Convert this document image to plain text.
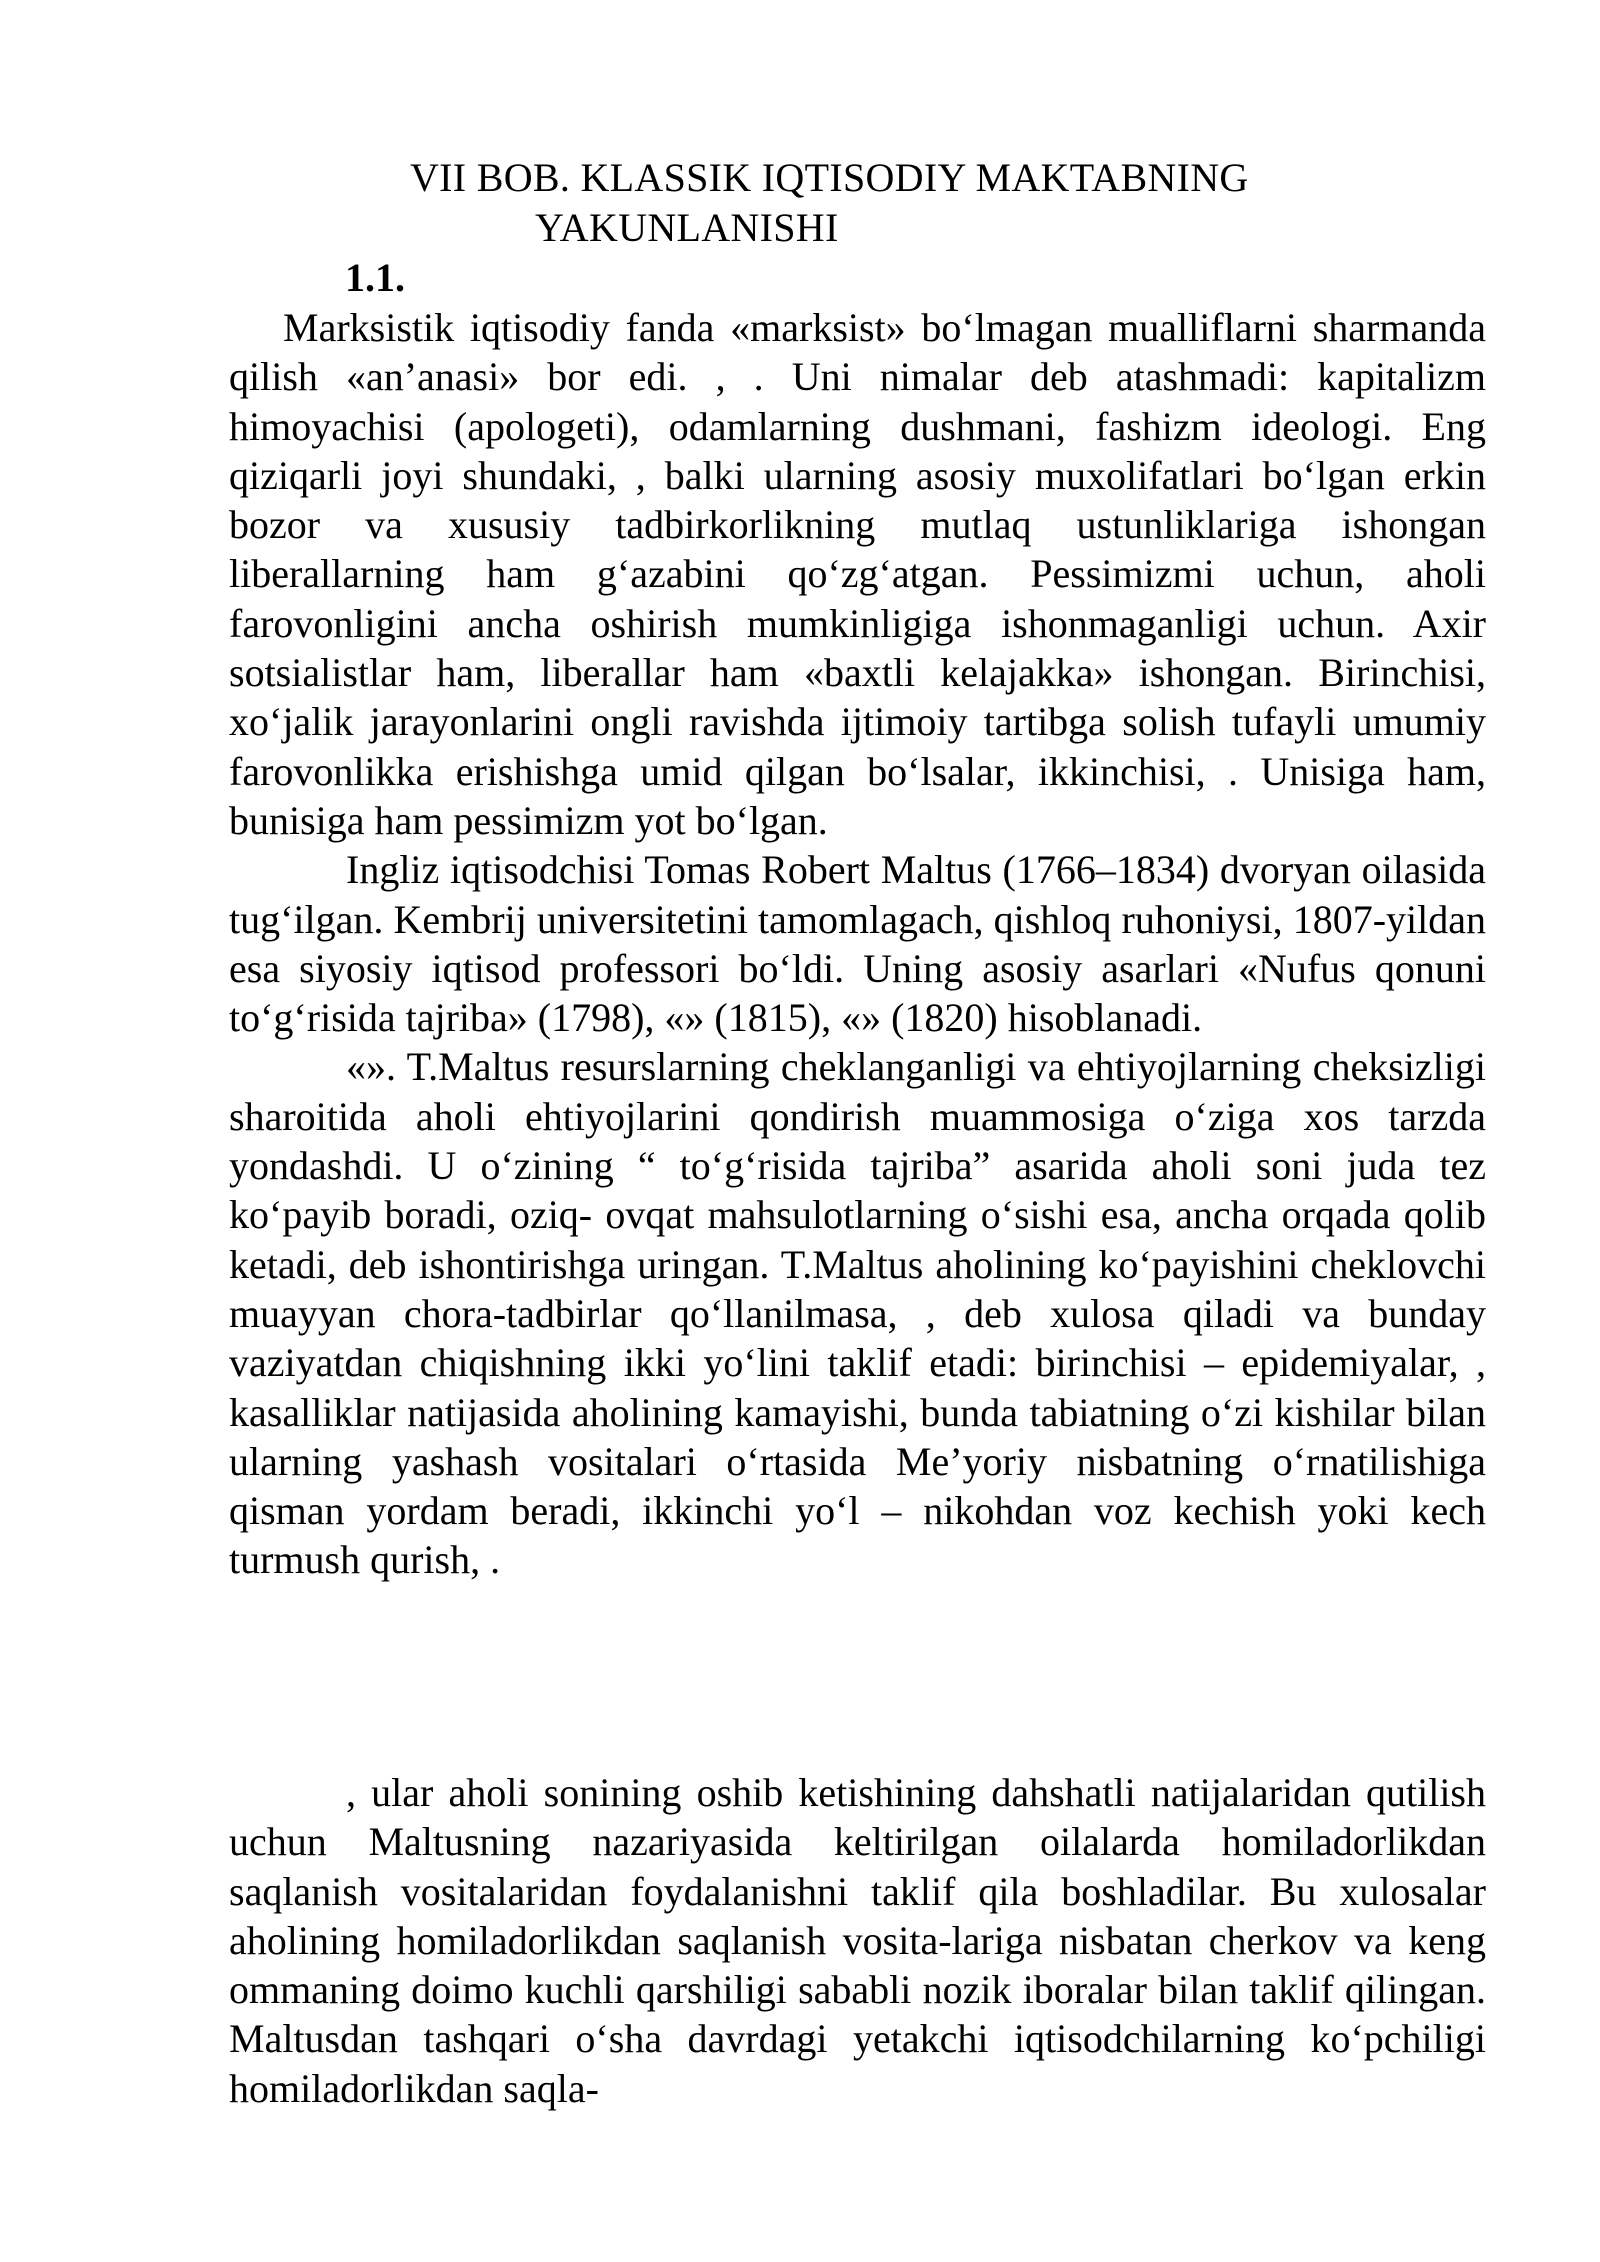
VII BOB. KLASSIK IQTISODIY MAKTABNING
YAKUNLANISHI
1.1.

Marksistik iqtisodiy fanda «marksist» bo‘lmagan mualliflarni sharmanda qilish «an’anasi» bor edi. , . Uni nimalar deb atashmadi: kapitalizm himoyachisi (apologeti), odamlarning dushmani, fashizm ideologi. Eng qiziqarli joyi shundaki, , balki ularning asosiy muxolifatlari bo‘lgan erkin bozor va xususiy tadbirkorlikning mutlaq ustunliklariga ishongan liberallarning ham g‘azabini qo‘zg‘atgan. Pessimizmi uchun, aholi farovonligini ancha oshirish mumkinligiga ishonmaganligi uchun. Axir sotsialistlar ham, liberallar ham «baxtli kelajakka» ishongan. Birinchisi, xo‘jalik jarayonlarini ongli ravishda ijtimoiy tartibga solish tufayli umumiy farovonlikka erishishga umid qilgan bo‘lsalar, ikkinchisi, . Unisiga ham, bunisiga ham pessimizm yot bo‘lgan.

Ingliz iqtisodchisi Tomas Robert Maltus (1766–1834) dvoryan oilasida tug‘ilgan. Kembrij universitetini tamomlagach, qishloq ruhoniysi, 1807-yildan esa siyosiy iqtisod professori bo‘ldi. Uning asosiy asarlari «Nufus qonuni to‘g‘risida tajriba» (1798), «» (1815), «» (1820) hisoblanadi.

«». T.Maltus resurslarning cheklanganligi va ehtiyojlarning cheksizligi sharoitida aholi ehtiyojlarini qondirish muammosiga o‘ziga xos tarzda yondashdi. U o‘zining “ to‘g‘risida tajriba” asarida aholi soni juda tez ko‘payib boradi, oziq- ovqat mahsulotlarning o‘sishi esa, ancha orqada qolib ketadi, deb ishontirishga uringan. T.Maltus aholining ko‘payishini cheklovchi muayyan chora-tadbirlar qo‘llanilmasa, , deb xulosa qiladi va bunday vaziyatdan chiqishning ikki yo‘lini taklif etadi: birinchisi – epidemiyalar, , kasalliklar natijasida aholining kamayishi, bunda tabiatning o‘zi kishilar bilan ularning yashash vositalari o‘rtasida Me’yoriy nisbatning o‘rnatilishiga qisman yordam beradi, ikkinchi yo‘l – nikohdan voz kechish yoki kech turmush qurish, .

, ular aholi sonining oshib ketishining dahshatli natijalaridan qutilish uchun Maltusning nazariyasida keltirilgan oilalarda homiladorlikdan saqlanish vositalaridan foydalanishni taklif qila boshladilar. Bu xulosalar aholining homiladorlikdan saqlanish vosita-lariga nisbatan cherkov va keng ommaning doimo kuchli qarshiligi sababli nozik iboralar bilan taklif qilingan. Maltusdan tashqari o‘sha davrdagi yetakchi iqtisodchilarning ko‘pchiligi homiladorlikdan saqla-
